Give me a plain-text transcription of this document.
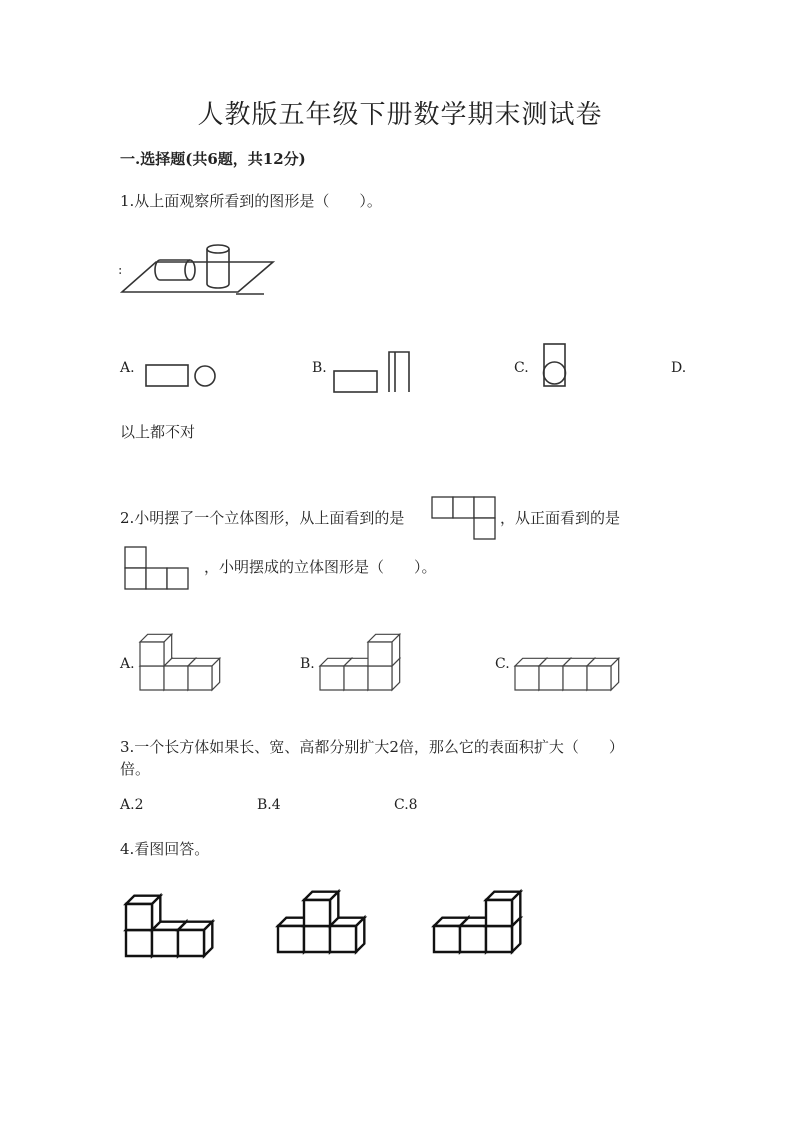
人教版五年级下册数学期末测试卷
一.选择题(共6题，共12分)
1.从上面观察所看到的图形是（　　）。
:
A.	B.	C.	D.
以上都不对
2.小明摆了一个立体图形，从上面看到的是	，从正面看到的是
，小明摆成的立体图形是（　　）。
A.	B.	C.
3.一个长方体如果长、宽、高都分别扩大2倍，那么它的表面积扩大（　　）
倍。
A.2	B.4	C.8
4.看图回答。
